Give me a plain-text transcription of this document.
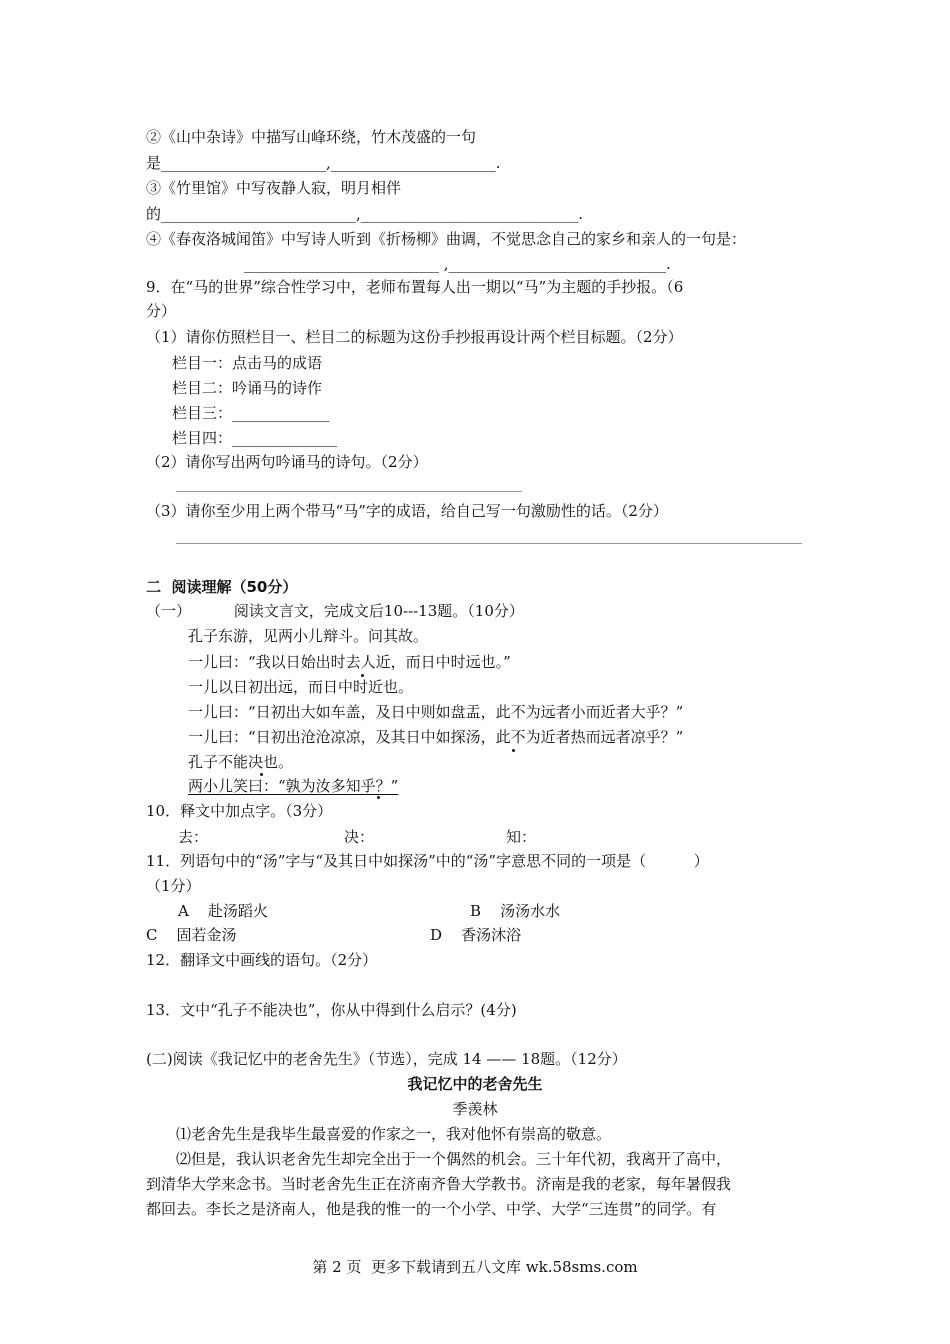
②《山中杂诗》中描写山峰环绕，竹木茂盛的一句
是______________________,______________________.
③《竹里馆》中写夜静人寂，明月相伴
的__________________________,_____________________________.
④《春夜洛城闻笛》中写诗人听到《折杨柳》曲调，不觉思念自己的家乡和亲人的一句是：
__________________________ ,_____________________________.
9．在“马的世界”综合性学习中，老师布置每人出一期以“马”为主题的手抄报。（6
分）
（1）请你仿照栏目一、栏目二的标题为这份手抄报再设计两个栏目标题。（2分）
栏目一：点击马的成语
栏目二：吟诵马的诗作
栏目三：_____________
栏目四：______________
（2）请你写出两句吟诵马的诗句。（2分）
（3）请你至少用上两个带马“马”字的成语，给自己写一句激励性的话。（2分）
二  阅读理解（50分）
（一）         阅读文言文，完成文后10---13题。（10分）
孔子东游，见两小儿辩斗。问其故。
一儿曰：“我以日始出时去人近，而日中时远也。”
一儿以日初出远，而日中时近也。
一儿曰：“日初出大如车盖，及日中则如盘盂，此不为远者小而近者大乎？”
一儿曰：“日初出沧沧凉凉，及其日中如探汤，此不为近者热而远者凉乎？”
孔子不能决也。
两小儿笑曰：“孰为汝多知乎？”
10．释文中加点字。（3分）
去：	决：	知：
11．列语句中的“汤”字与“及其日中如探汤”中的“汤”字意思不同的一项是（          ）
（1分）
A    赴汤蹈火	B    汤汤水水
C    固若金汤	D    香汤沐浴
12．翻译文中画线的语句。（2分）
13．文中“孔子不能决也”，你从中得到什么启示？(4分)
(二)阅读《我记忆中的老舍先生》（节选），完成 14 —— 18题。（12分）
我记忆中的老舍先生
季羡林
⑴老舍先生是我毕生最喜爱的作家之一，我对他怀有崇高的敬意。
⑵但是，我认识老舍先生却完全出于一个偶然的机会。三十年代初，我离开了高中，
到清华大学来念书。当时老舍先生正在济南齐鲁大学教书。济南是我的老家，每年暑假我
都回去。李长之是济南人，他是我的惟一的一个小学、中学、大学“三连贯”的同学。有
第 2 页  更多下载请到五八文库 wk.58sms.com
